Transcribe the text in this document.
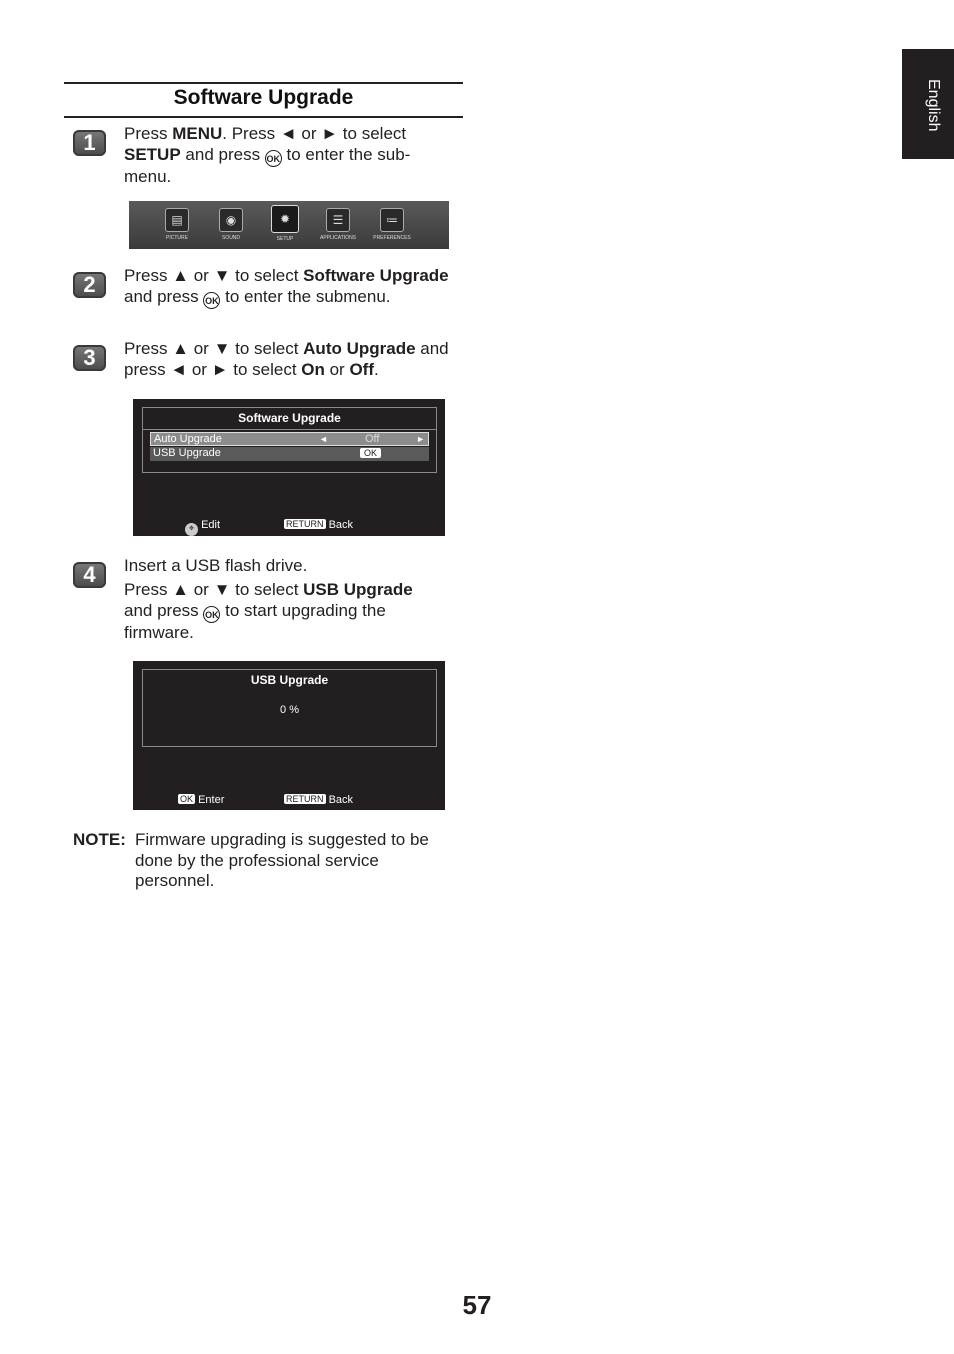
English
Software Upgrade
1	Press MENU. Press ◄ or ► to select SETUP and press OK to enter the sub-menu.
▤
PICTURE
◉
SOUND
✹
SETUP
☰
APPLICATIONS
≔
PREFERENCES
2	Press ▲ or ▼ to select Software Upgrade and press OK to enter the submenu.
3	Press ▲ or ▼ to select Auto Upgrade and press ◄ or ► to select On or Off.
Software Upgrade
Auto Upgrade	◄	Off	►
USB Upgrade	OK
✥ Edit	RETURN Back
4	Insert a USB flash drive.
Press ▲ or ▼ to select USB Upgrade and press OK to start upgrading the firmware.
USB Upgrade
0 %
OK Enter	RETURN Back
NOTE: Firmware upgrading is suggested to be done by the professional service personnel.
57
